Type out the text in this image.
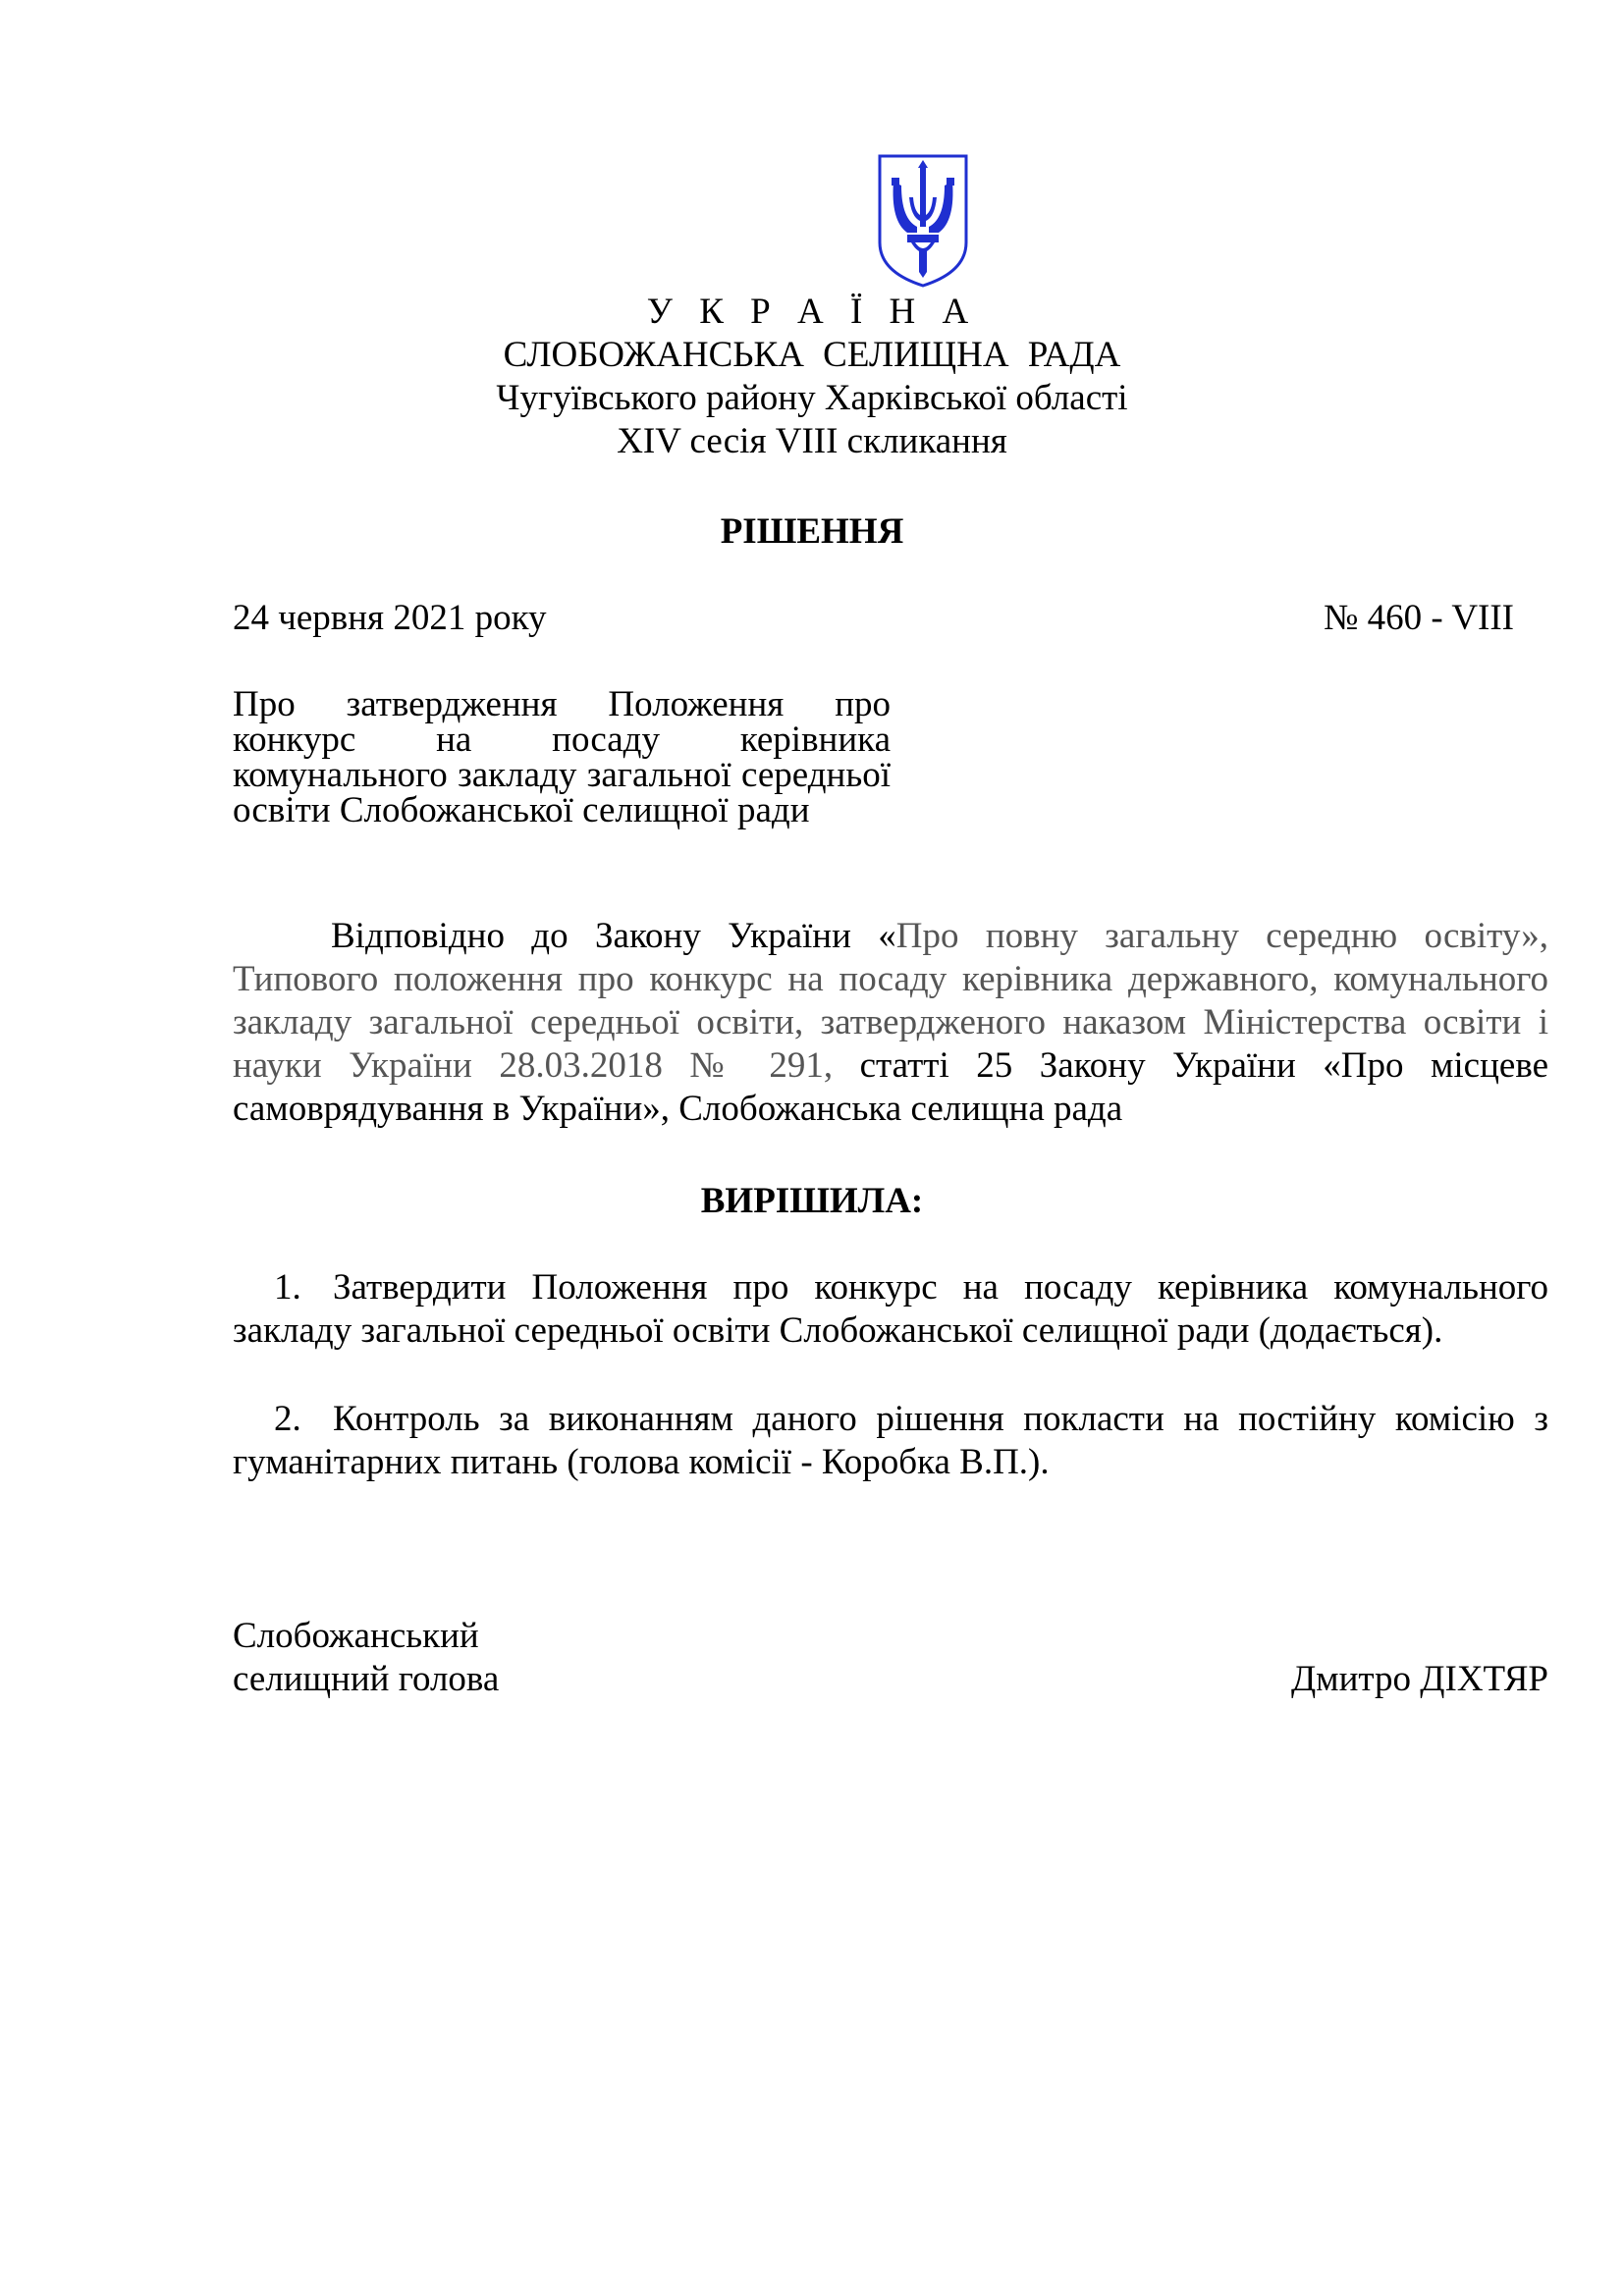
У К Р А Ї Н А
СЛОБОЖАНСЬКА СЕЛИЩНА РАДА
Чугуївського району Харківської області
XIV сесія VIII скликання
РІШЕННЯ
24 червня 2021 року	№ 460 - VIII
Про затвердження Положення про конкурс на посаду керівника комунального закладу загальної середньої освіти Слобожанської селищної ради
Відповідно до Закону України «Про повну загальну середню освіту», Типового положення про конкурс на посаду керівника державного, комунального закладу загальної середньої освіти, затвердженого наказом Міністерства освіти і науки України 28.03.2018 № 291, статті 25 Закону України «Про місцеве самоврядування в України», Слобожанська селищна рада
ВИРІШИЛА:
1. Затвердити Положення про конкурс на посаду керівника комунального закладу загальної середньої освіти Слобожанської селищної ради (додається).
2. Контроль за виконанням даного рішення покласти на постійну комісію з гуманітарних питань (голова комісії - Коробка В.П.).
Слобожанський
селищний голова	Дмитро ДІХТЯР
